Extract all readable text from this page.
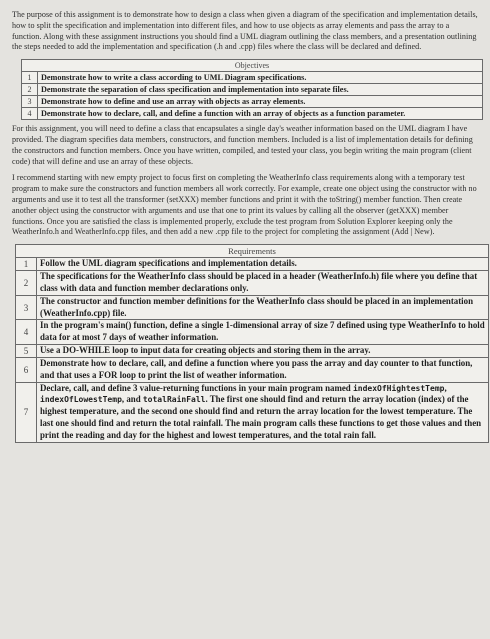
The purpose of this assignment is to demonstrate how to design a class when given a diagram of the specification and implementation details, how to split the specification and implementation into different files, and how to use objects as array elements and pass the array to a function. Along with these assignment instructions you should find a UML diagram outlining the class members, and a presentation outlining the steps needed to add the implementation and specification (.h and .cpp) files where the class will be declared and defined.

Objectives	
1	Demonstrate how to write a class according to UML Diagram specifications.
2	Demonstrate the separation of class specification and implementation into separate files.
3	Demonstrate how to define and use an array with objects as array elements.
4	Demonstrate how to declare, call, and define a function with an array of objects as a function parameter.

For this assignment, you will need to define a class that encapsulates a single day's weather information based on the UML diagram I have provided. The diagram specifies data members, constructors, and function members. Included is a list of implementation details for defining the constructors and function members. Once you have written, compiled, and tested your class, you begin writing the main program (client code) that will define and use an array of these objects.

I recommend starting with new empty project to focus first on completing the WeatherInfo class requirements along with a temporary test program to make sure the constructors and function members all work correctly. For example, create one object using the constructor with no arguments and use it to test all the transformer (setXXX) member functions and print it with the toString() member function. Then create another object using the constructor with arguments and use that one to print its values by calling all the observer (getXXX) member functions. Once you are satisfied the class is implemented properly, exclude the test program from Solution Explorer keeping only the WeatherInfo.h and WeatherInfo.cpp files, and then add a new .cpp file to the project for completing the assignment (Add | New).

Requirements	
1	Follow the UML diagram specifications and implementation details.
2	The specifications for the WeatherInfo class should be placed in a header (WeatherInfo.h) file where you define that class with data and function member declarations only.
3	The constructor and function member definitions for the WeatherInfo class should be placed in an implementation (WeatherInfo.cpp) file.
4	In the program's main() function, define a single 1-dimensional array of size 7 defined using type WeatherInfo to hold data for at most 7 days of weather information.
5	Use a DO-WHILE loop to input data for creating objects and storing them in the array.
6	Demonstrate how to declare, call, and define a function where you pass the array and day counter to that function, and that uses a FOR loop to print the list of weather information.
7	Declare, call, and define 3 value-returning functions in your main program named indexOfHightestTemp, indexOfLowestTemp, and totalRainFall. The first one should find and return the array location (index) of the highest temperature, and the second one should find and return the array location for the lowest temperature. The last one should find and return the total rainfall. The main program calls these functions to get those values and then print the reading and day for the highest and lowest temperatures, and the total rain fall.
